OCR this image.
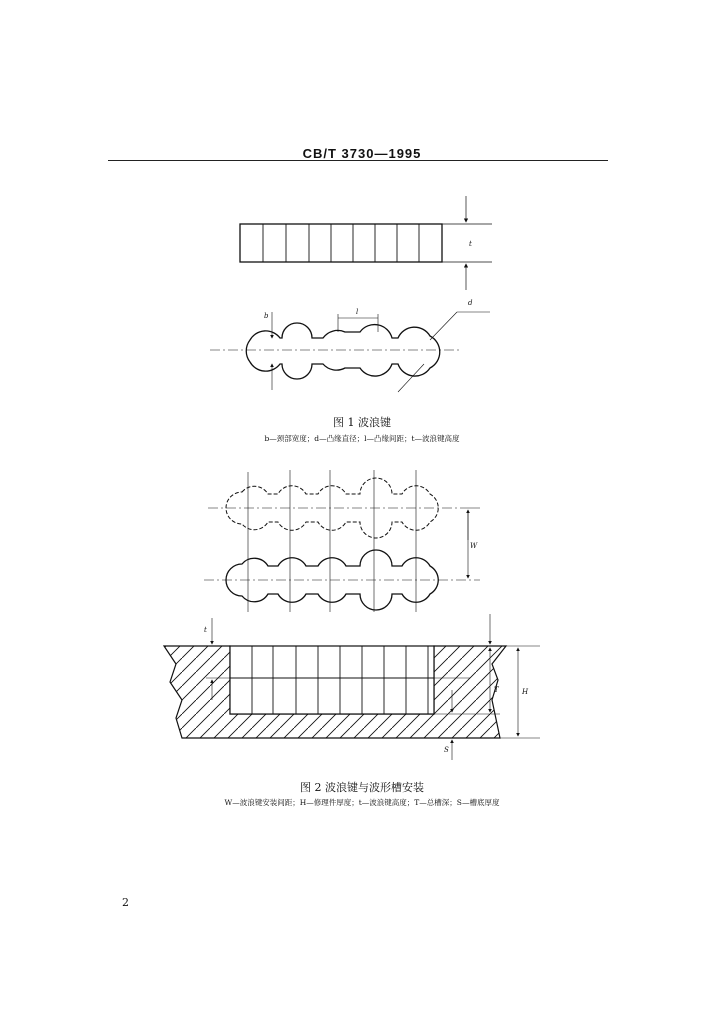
CB/T 3730—1995
t
b	l
d
W
t
T	H
S
图 1 波浪键
b—颈部宽度；d—凸缘直径；l—凸缘间距；t—波浪键高度
图 2 波浪键与波形槽安装
W—波浪键安装间距；H—修理件厚度；t—波浪键高度；T—总槽深；S—槽底厚度
2
